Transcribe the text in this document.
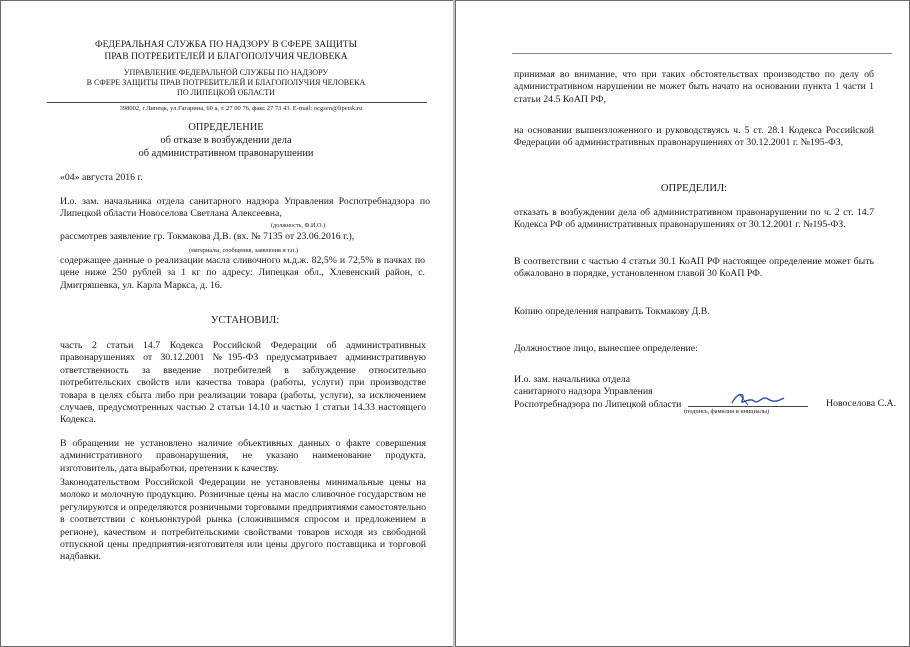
ФЕДЕРАЛЬНАЯ СЛУЖБА ПО НАДЗОРУ В СФЕРЕ ЗАЩИТЫ
ПРАВ ПОТРЕБИТЕЛЕЙ И БЛАГОПОЛУЧИЯ ЧЕЛОВЕКА
УПРАВЛЕНИЕ ФЕДЕРАЛЬНОЙ СЛУЖБЫ ПО НАДЗОРУ
В СФЕРЕ ЗАЩИТЫ ПРАВ ПОТРЕБИТЕЛЕЙ И БЛАГОПОЛУЧИЯ ЧЕЛОВЕКА
ПО ЛИПЕЦКОЙ ОБЛАСТИ
398002, г.Липецк, ул.Гагарина, 60 а, т. 27 00 76, факс 27 73 43. E-mail: ocgsen@lipetsk.ru
ОПРЕДЕЛЕНИЕ
об отказе в возбуждении дела
об административном правонарушении
«04» августа 2016 г.
И.о. зам. начальника отдела санитарного надзора Управления Роспотребнадзора по Липецкой области Новоселова Светлана Алексеевна,
(должность, Ф.И.О.)
рассмотрев заявление гр. Токмакова Д.В. (вх. № 7135 от 23.06.2016 г.),
(материалы, сообщения, заявления и т.п.)
содержащее данные о реализации масла сливочного м.д.ж. 82,5% и 72,5% в пачках по цене ниже 250 рублей за 1 кг по адресу: Липецкая обл., Хлевенский район, с. Дмитряшевка, ул. Карла Маркса, д. 16.
УСТАНОВИЛ:
часть 2 статьи 14.7 Кодекса Российской Федерации об административных правонарушениях от 30.12.2001 №195-ФЗ предусматривает административную ответственность за введение потребителей в заблуждение относительно потребительских свойств или качества товара (работы, услуги) при производстве товара в целях сбыта либо при реализации товара (работы, услуги), за исключением случаев, предусмотренных частью 2 статьи 14.10 и частью 1 статьи 14.33 настоящего Кодекса.
В обращении не установлено наличие объективных данных о факте совершения административного правонарушения, не указано наименование продукта, изготовитель, дата выработки, претензии к качеству.
Законодательством Российской Федерации не установлены минимальные цены на молоко и молочную продукцию. Розничные цены на масло сливочное государством не регулируются и определяются розничными торговыми предприятиями самостоятельно в соответствии с конъюнктурой рынка (сложившимся спросом и предложением в регионе), качеством и потребительскими свойствами товаров исходя из свободной отпускной цены предприятия-изготовителя или цены другого поставщика и торговой надбавки.
принимая во внимание, что при таких обстоятельствах производство по делу об административном нарушении не может быть начато на основании пункта 1 части 1 статьи 24.5 КоАП РФ,
на основании вышеизложенного и руководствуясь ч. 5 ст. 28.1 Кодекса Российской Федерации об административных правонарушениях от 30.12.2001 г. №195-ФЗ,
ОПРЕДЕЛИЛ:
отказать в возбуждении дела об административном правонарушении по ч. 2 ст. 14.7 Кодекса РФ об административных правонарушениях от 30.12.2001 г. №195-ФЗ.
В соответствии с частью 4 статьи 30.1 КоАП РФ настоящее определение может быть обжаловано в порядке, установленном главой 30 КоАП РФ.
Копию определения направить Токмакову Д.В.
Должностное лицо, вынесшее определение:
И.о. зам. начальника отдела
санитарного надзора Управления
Роспотребнадзора по Липецкой области
(подпись, фамилия и инициалы)
Новоселова С.А.
